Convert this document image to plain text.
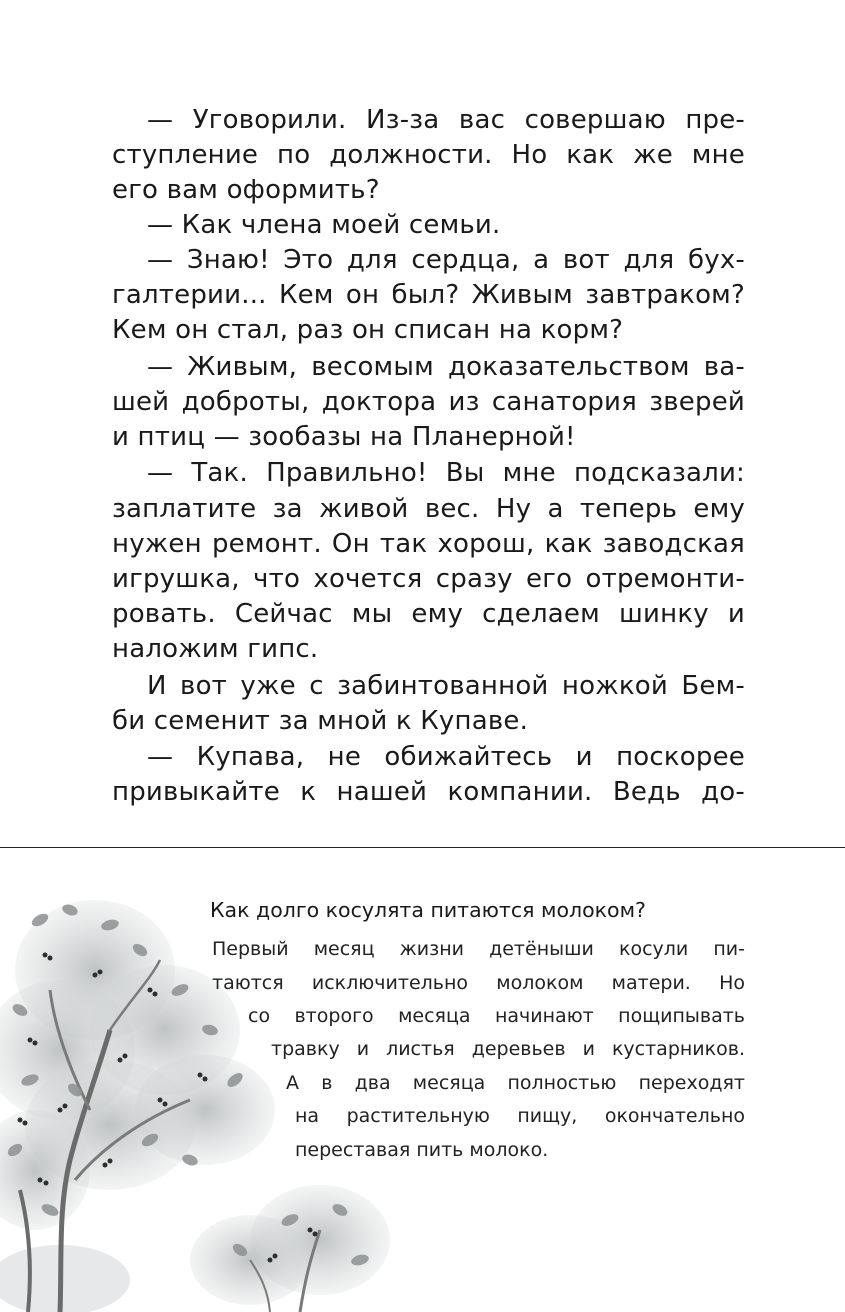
— Уговорили. Из-за вас совершаю пре-

ступление по должности. Но как же мне

его вам оформить?

— Как члена моей семьи.

— Знаю! Это для сердца, а вот для бух-

галтерии... Кем он был? Живым завтраком?

Кем он стал, раз он списан на корм?

— Живым, весомым доказательством ва-

шей доброты, доктора из санатория зверей

и птиц — зообазы на Планерной!

— Так. Правильно! Вы мне подсказали:

заплатите за живой вес. Ну а теперь ему

нужен ремонт. Он так хорош, как заводская

игрушка, что хочется сразу его отремонти-

ровать. Сейчас мы ему сделаем шинку и

наложим гипс.

И вот уже с забинтованной ножкой Бем-

би семенит за мной к Купаве.

— Купава, не обижайтесь и поскорее

привыкайте к нашей компании. Ведь до-

Как долго косулята питаются молоком?

Первый месяц жизни детёныши косули пи-

таются исключительно молоком матери. Но

со второго месяца начинают пощипывать

травку и листья деревьев и кустарников.

А в два месяца полностью переходят

на растительную пищу, окончательно

переставая пить молоко.
